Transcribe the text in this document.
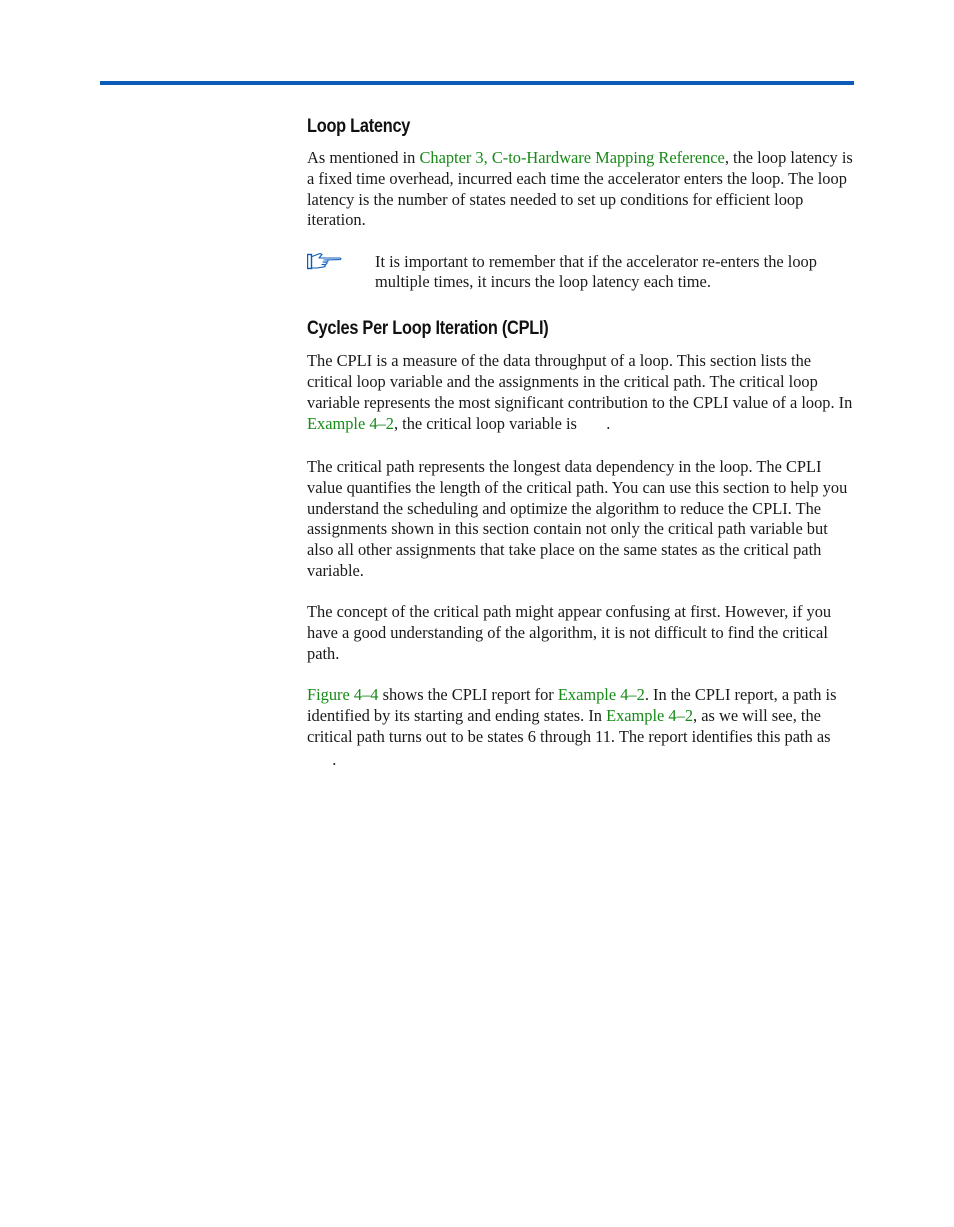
Loop Latency

As mentioned in Chapter 3, C-to-Hardware Mapping Reference, the loop latency is a fixed time overhead, incurred each time the accelerator enters the loop. The loop latency is the number of states needed to set up conditions for efficient loop iteration.

It is important to remember that if the accelerator re-enters the loop multiple times, it incurs the loop latency each time.

Cycles Per Loop Iteration (CPLI)

The CPLI is a measure of the data throughput of a loop. This section lists the critical loop variable and the assignments in the critical path. The critical loop variable represents the most significant contribution to the CPLI value of a loop. In Example 4–2, the critical loop variable is val.

The critical path represents the longest data dependency in the loop. The CPLI value quantifies the length of the critical path. You can use this section to help you understand the scheduling and optimize the algorithm to reduce the CPLI. The assignments shown in this section contain not only the critical path variable but also all other assignments that take place on the same states as the critical path variable.

The concept of the critical path might appear confusing at first. However, if you have a good understanding of the algorithm, it is not difficult to find the critical path.

Figure 4–4 shows the CPLI report for Example 4–2. In the CPLI report, a path is identified by its starting and ending states. In Example 4–2, as we will see, the critical path turns out to be states 6 through 11. The report identifies this path as 6->11.
